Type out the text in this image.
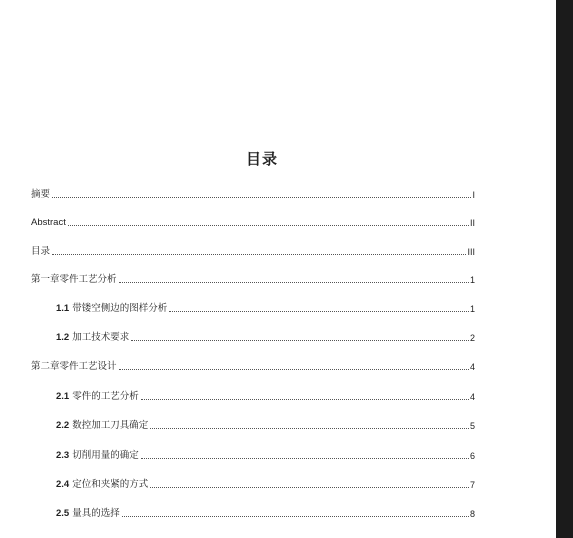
目录
摘要	I
Abstract	II
目录	III
第一章零件工艺分析	1
1.1 带镂空侧边的图样分析	1
1.2 加工技术要求	2
第二章零件工艺设计	4
2.1 零件的工艺分析	4
2.2 数控加工刀具确定	5
2.3 切削用量的确定	6
2.4 定位和夹紧的方式	7
2.5 量具的选择	8
